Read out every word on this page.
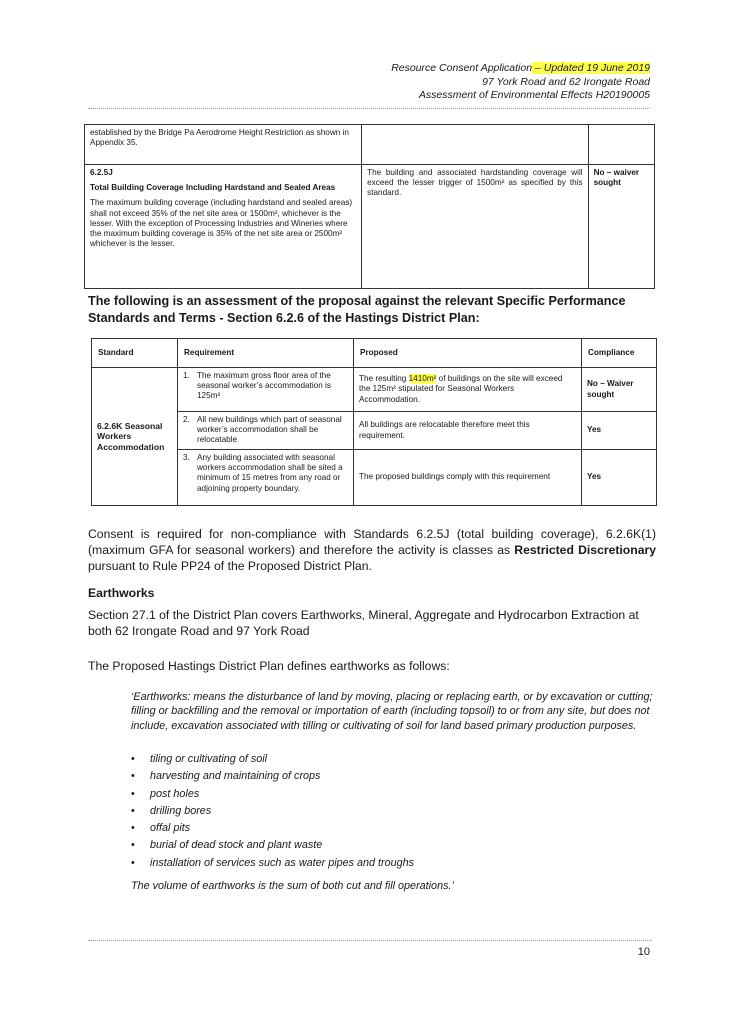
Resource Consent Application – Updated 19 June 2019
97 York Road and 62 Irongate Road
Assessment of Environmental Effects H20190005
established by the Bridge Pa Aerodrome Height Restriction as shown in Appendix 35.		

6.2.5J
Total Building Coverage Including Hardstand and Sealed Areas
The maximum building coverage (including hardstand and sealed areas) shall not exceed 35% of the net site area or 1500m², whichever is the lesser. With the exception of Processing Industries and Wineries where the maximum building coverage is 35% of the net site area or 2500m² whichever is the lesser.	The building and associated hardstanding coverage will exceed the lesser trigger of 1500m² as specified by this standard.	No – waiver sought
The following is an assessment of the proposal against the relevant Specific Performance Standards and Terms - Section 6.2.6 of the Hastings District Plan:
Standard	Requirement	Proposed	Compliance
6.2.6K Seasonal Workers Accommodation	1. The maximum gross floor area of the seasonal worker’s accommodation is 125m²	The resulting 1410m² of buildings on the site will exceed the 125m² stipulated for Seasonal Workers Accommodation.	No – Waiver sought

	2. All new buildings which part of seasonal worker’s accommodation shall be relocatable	All buildings are relocatable therefore meet this requirement.	Yes

	3. Any building associated with seasonal workers accommodation shall be sited a minimum of 15 metres from any road or adjoining property boundary.	The proposed buildings comply with this requirement	Yes
Consent is required for non-compliance with Standards 6.2.5J (total building coverage), 6.2.6K(1) (maximum GFA for seasonal workers) and therefore the activity is classes as Restricted Discretionary pursuant to Rule PP24 of the Proposed District Plan.
Earthworks
Section 27.1 of the District Plan covers Earthworks, Mineral, Aggregate and Hydrocarbon Extraction at both 62 Irongate Road and 97 York Road
The Proposed Hastings District Plan defines earthworks as follows:
‘Earthworks: means the disturbance of land by moving, placing or replacing earth, or by excavation or cutting; filling or backfilling and the removal or importation of earth (including topsoil) to or from any site, but does not include, excavation associated with tilling or cultivating of soil for land based primary production purposes.
•	tiling or cultivating of soil
•	harvesting and maintaining of crops
•	post holes
•	drilling bores
•	offal pits
•	burial of dead stock and plant waste
•	installation of services such as water pipes and troughs
The volume of earthworks is the sum of both cut and fill operations.’
10
